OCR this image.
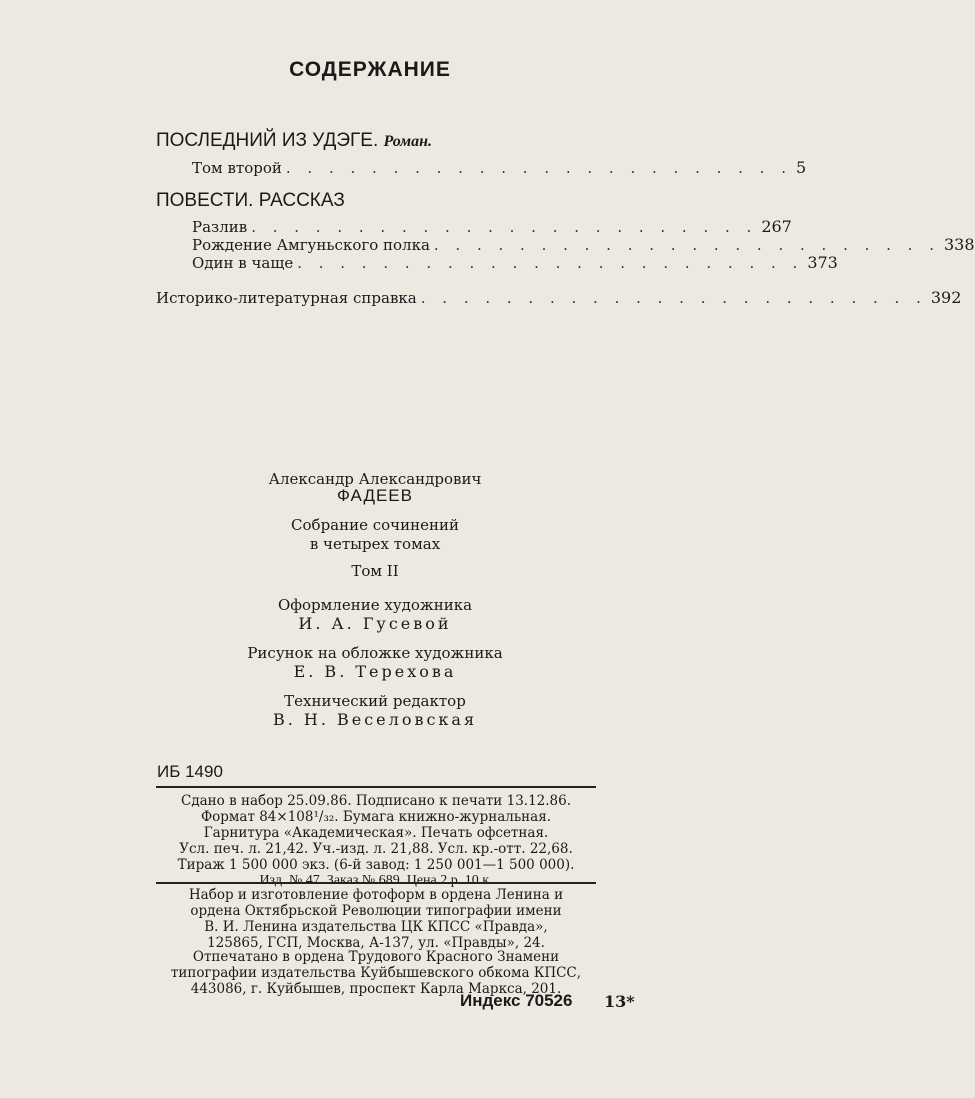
СОДЕРЖАНИЕ
ПОСЛЕДНИЙ ИЗ УДЭГЕ. Роман.
Том второй . . . . . . . . . . . . . . . . . . . . . . . . 5
ПОВЕСТИ. РАССКАЗ
Разлив . . . . . . . . . . . . . . . . . . . . . . . . 267
Рождение Амгуньского полка . . . . . . . . . . . . . . . . . . . . . . . . 338
Один в чаще . . . . . . . . . . . . . . . . . . . . . . . . 373
Историко-литературная справка . . . . . . . . . . . . . . . . . . . . . . . . 392
Александр Александрович
ФАДЕЕВ
Собрание сочинений
в четырех томах
Том II
Оформление художника
И. А. Гусевой
Рисунок на обложке художника
Е. В. Терехова
Технический редактор
В. Н. Веселовская
ИБ 1490
Сдано в набор 25.09.86. Подписано к печати 13.12.86.
Формат 84×108¹/₃₂. Бумага книжно-журнальная.
Гарнитура «Академическая». Печать офсетная.
Усл. печ. л. 21,42. Уч.-изд. л. 21,88. Усл. кр.-отт. 22,68.
Тираж 1 500 000 экз. (6-й завод: 1 250 001—1 500 000).
Изд. № 47. Заказ № 689. Цена 2 р. 10 к.
Набор и изготовление фотоформ в ордена Ленина и
ордена Октябрьской Революции типографии имени
В. И. Ленина издательства ЦК КПСС «Правда»,
125865, ГСП, Москва, А-137, ул. «Правды», 24.
Отпечатано в ордена Трудового Красного Знамени
типографии издательства Куйбышевского обкома КПСС,
443086, г. Куйбышев, проспект Карла Маркса, 201.
Индекс 70526 13*
